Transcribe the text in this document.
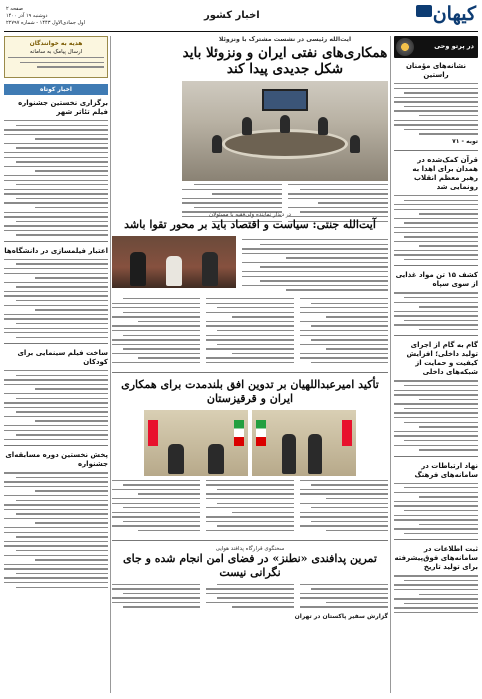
کیهان
اخبار کشور
صفحه ۲
دوشنبه ۱۹ آذر ۱۴۰۰
اول جمادی‌الاول ۱۴۴۳ - شماره ۲۲۷۹۷
در پرتو وحی
نشانه‌های مؤمنان راستین
توبه - ۷۱
قرآن کمک‌شده در همدان برای اهدا به رهبر معظم انقلاب رونمایی شد
کشف ۱۵ تن مواد غذایی از سوی سپاه
گام به گام از اجرای تولید داخلی؛ افزایش کیفیت و حمایت از شبکه‌های داخلی
نهاد ارتباطات در سامانه‌های فرهنگ
ثبت اطلاعات در سامانه‌های فوق‌پیشرفته برای تولید تاریخ
آیت‌الله رئیسی در نشست مشترک با ونزوئلا
همکاری‌های نفتی ایران و ونزوئلا باید شکل جدیدی پیدا کند
هدیه به خوانندگان
ارسال پیامک به سامانه
اخبار کوتاه
برگزاری نخستین جشنواره فیلم تئاتر شهر
اعتبار فیلمسازی در دانشگاه‌ها
ساخت فیلم سینمایی برای کودکان
پخش نخستین دوره مسابقه‌ای جشنواره
در دیدار نماینده ولی‌فقیه با مسئولان
آیت‌الله جنتی: سیاست و اقتصاد باید بر محور تقوا باشد
تأکید امیرعبداللهیان بر تدوین افق بلندمدت برای همکاری ایران و قرقیزستان
سخنگوی قرارگاه پدافند هوایی
تمرین پدافندی «نطنز» در فضای امن انجام شده و جای نگرانی نیست
گزارش سفیر پاکستان در تهران
